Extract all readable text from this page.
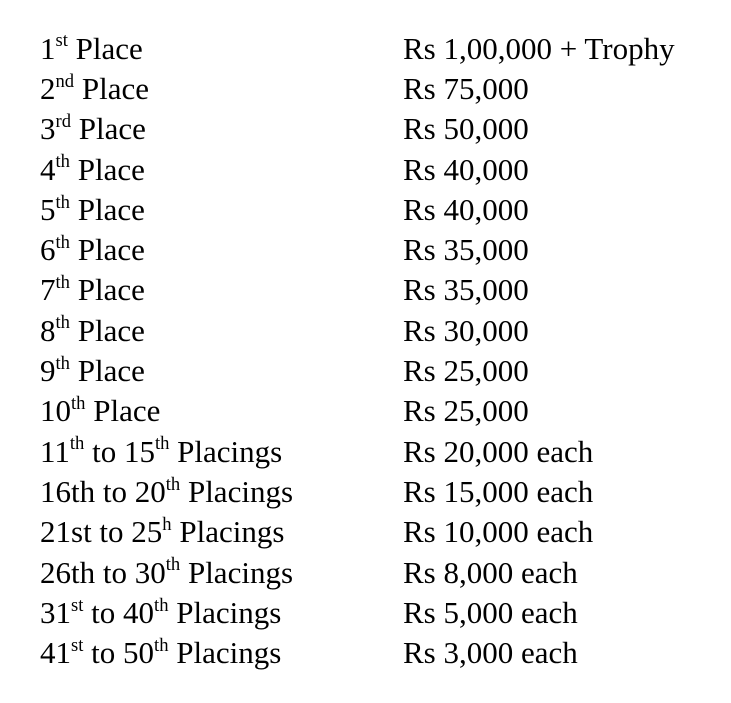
1st Place	Rs 1,00,000 + Trophy
2nd Place	Rs 75,000
3rd Place	Rs 50,000
4th Place	Rs 40,000
5th Place	Rs 40,000
6th Place	Rs 35,000
7th Place	Rs 35,000
8th Place	Rs 30,000
9th Place	Rs 25,000
10th Place	Rs 25,000
11th to 15th Placings	Rs 20,000 each
16th to 20th Placings	Rs 15,000 each
21st to 25$^h$ Placings	Rs 10,000 each
26th to 30th Placings	Rs 8,000 each
31st to 40th Placings	Rs 5,000 each
41st to 50th Placings	Rs 3,000 each
